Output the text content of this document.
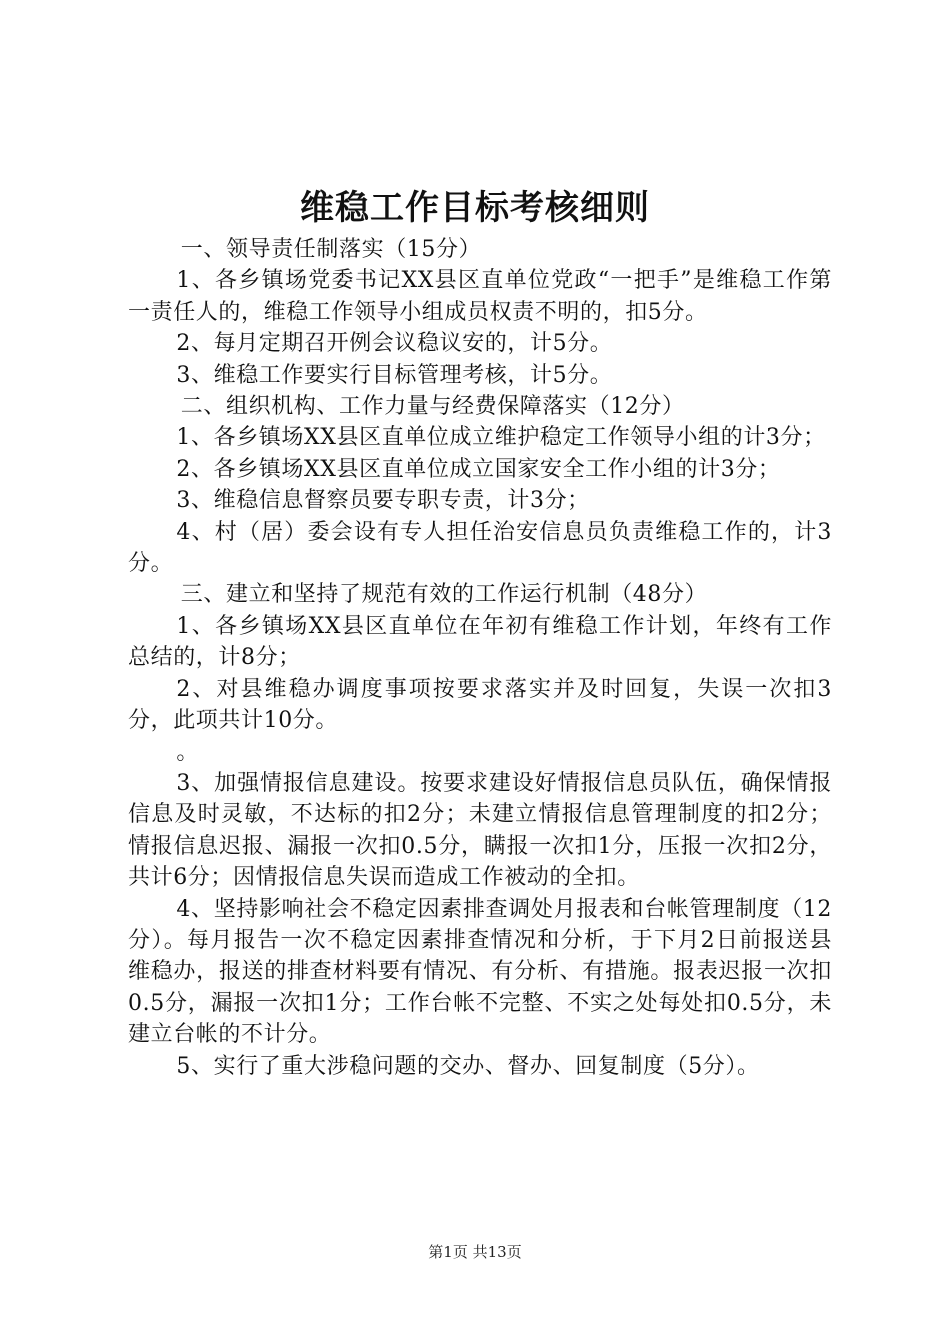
维稳工作目标考核细则

一、领导责任制落实（15分）

1、各乡镇场党委书记XX县区直单位党政“一把手”是维稳工作第一责任人的，维稳工作领导小组成员权责不明的，扣5分。

2、每月定期召开例会议稳议安的，计5分。

3、维稳工作要实行目标管理考核，计5分。

二、组织机构、工作力量与经费保障落实（12分）

1、各乡镇场XX县区直单位成立维护稳定工作领导小组的计3分；

2、各乡镇场XX县区直单位成立国家安全工作小组的计3分；

3、维稳信息督察员要专职专责，计3分；

4、村（居）委会设有专人担任治安信息员负责维稳工作的，计3分。

三、建立和坚持了规范有效的工作运行机制（48分）

1、各乡镇场XX县区直单位在年初有维稳工作计划，年终有工作总结的，计8分；

2、对县维稳办调度事项按要求落实并及时回复，失误一次扣3分，此项共计10分。

。

3、加强情报信息建设。按要求建设好情报信息员队伍，确保情报信息及时灵敏，不达标的扣2分；未建立情报信息管理制度的扣2分；情报信息迟报、漏报一次扣0.5分，瞒报一次扣1分，压报一次扣2分，共计6分；因情报信息失误而造成工作被动的全扣。

4、坚持影响社会不稳定因素排查调处月报表和台帐管理制度（12分）。每月报告一次不稳定因素排查情况和分析，于下月2日前报送县维稳办，报送的排查材料要有情况、有分析、有措施。报表迟报一次扣0.5分，漏报一次扣1分；工作台帐不完整、不实之处每处扣0.5分，未建立台帐的不计分。

5、实行了重大涉稳问题的交办、督办、回复制度（5分）。

第1页 共13页
